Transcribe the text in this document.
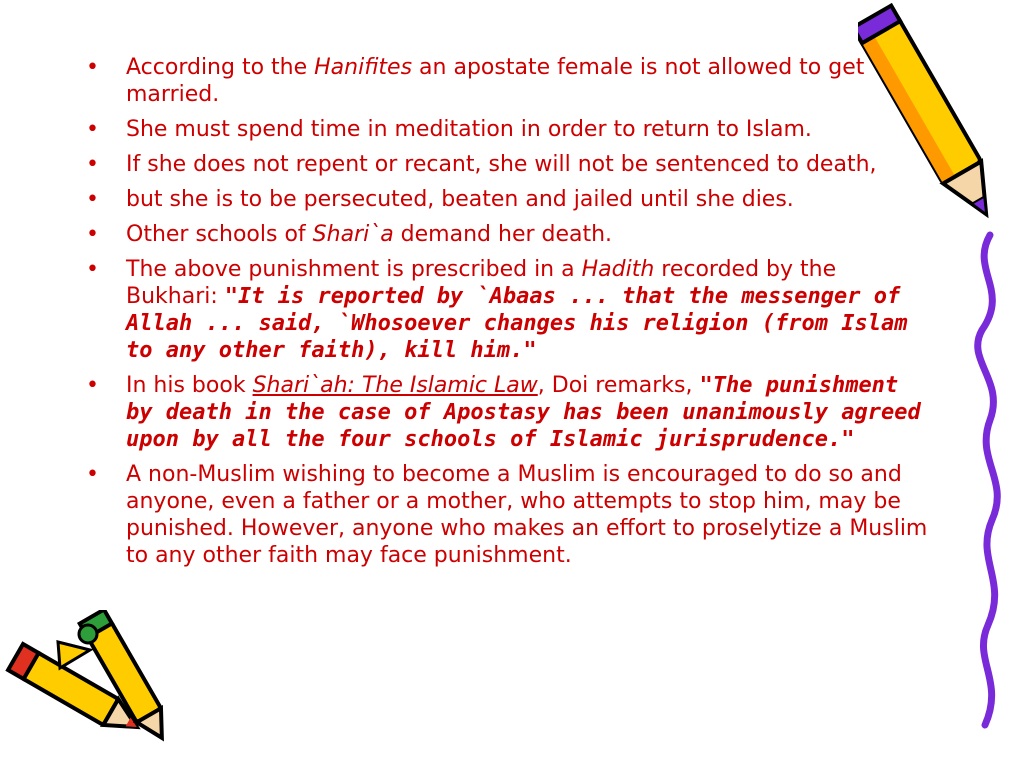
• According to the Hanifites an apostate female is not allowed to get married.
• She must spend time in meditation in order to return to Islam.
• If she does not repent or recant, she will not be sentenced to death,
• but she is to be persecuted, beaten and jailed until she dies.
• Other schools of Shari`a demand her death.
• The above punishment is prescribed in a Hadith recorded by the Bukhari: "It is reported by `Abaas ... that the messenger of Allah ... said, `Whosoever changes his religion (from Islam to any other faith), kill him."
• In his book Shari`ah: The Islamic Law, Doi remarks, "The punishment by death in the case of Apostasy has been unanimously agreed upon by all the four schools of Islamic jurisprudence."
• A non-Muslim wishing to become a Muslim is encouraged to do so and anyone, even a father or a mother, who attempts to stop him, may be punished. However, anyone who makes an effort to proselytize a Muslim to any other faith may face punishment.
